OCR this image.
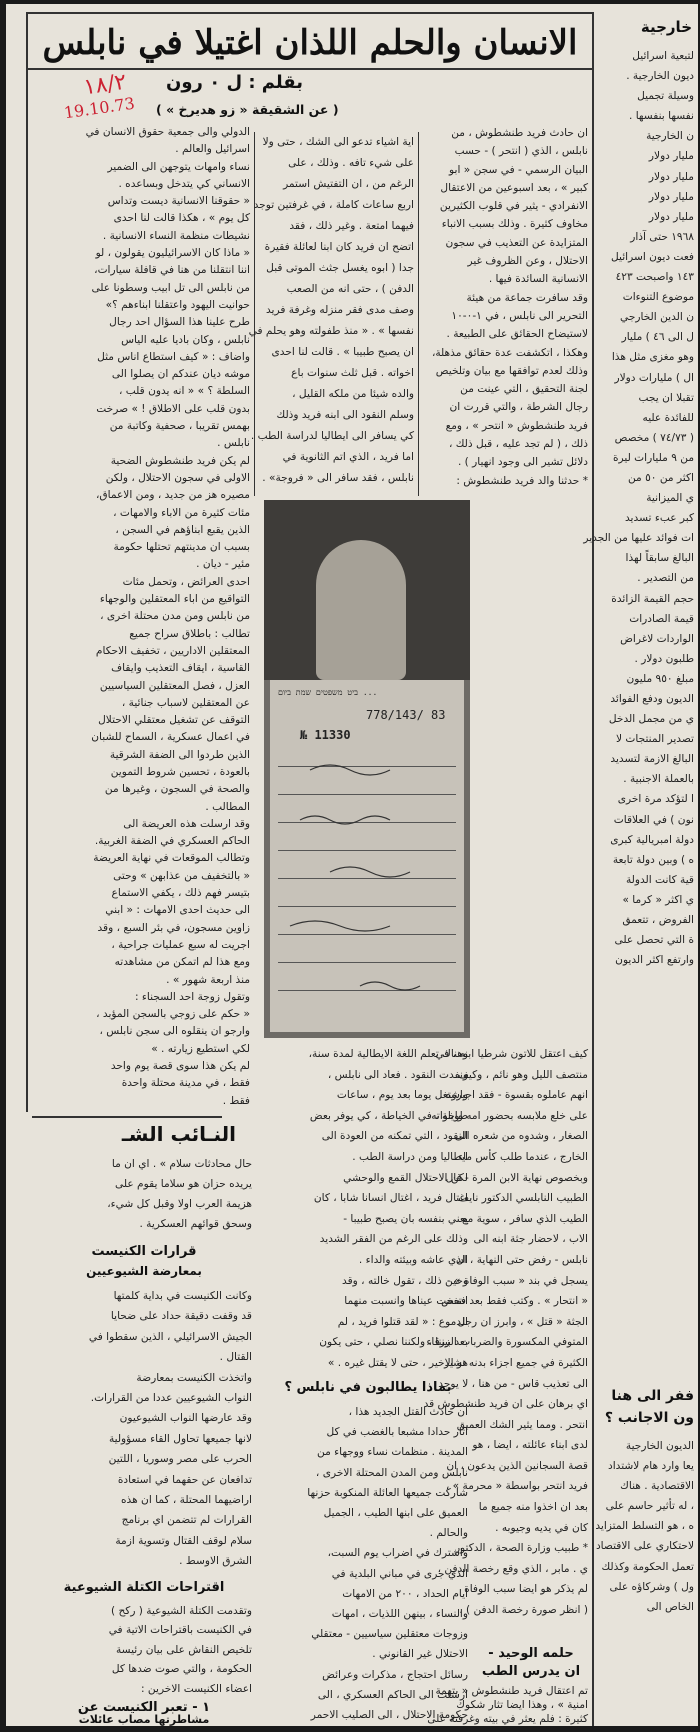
الانسان والحلم اللذان اغتيلا في نابلس
بقلم : ل ٠ رون
( عن الشقيقة « زو هديرخ » )
١٨/٢
19.10.73
خارجية
لتبعية اسرائيل
ديون الخارجية .
وسيلة تجميل
نفسها بنفسها .
ن الخارجية
مليار دولار
مليار دولار
مليار دولار
مليار دولار
١٩٦٨ حتى آذار
فعت ديون اسرائيل
١٤٣ واصبحت ٤٢٣
موضوع التنوءات
ن الدين الخارجي
ل الى ٤٦ ) مليار
وهو مغزى مثل هذا
ال ) مليارات دولار
تقبلا ان يجب
للفائدة عليه
( ٧٤/٧٣ ) مخصص
من ٩ مليارات ليرة
اكثر من ٥٠ من
ي الميزانية
كبر عبء تسديد
ات فوائد عليها من الجدير
البالغ سابقاً لهذا
من التصدير .
حجم القيمة الزائدة
قيمة الصادرات
الواردات لاغراض
طلبون دولار .
مبلغ ٩٥٠ مليون
الديون ودفع الفوائد
ي من مجمل الدخل
تصدير المنتجات لا
البالغ الازمة لتسديد
بالعملة الاجنبية .
ا لتؤكد مرة اخرى
نون ) في العلاقات
دولة امبريالية كبرى
ه ) وبين دولة تابعة
قية كانت الدولة
ي اكثر « كرما »
الفروض ، تتعمق
ة التي تحصل على
وارتفع اكثر الديون
ففر الى هنا
ون الاجانب ؟
الديون الخارجية
يعا وارد هام لاشتداد
الاقتصادية . هناك
، له تأثير حاسم على
ه ، هو التسلط المتزايد
لاحتكاري على الاقتصاد
تعمل الحكومة وكذلك
ول ) وشركاؤه على
الخاص الى
ان حادث فريد طنشطوش ، من
نابلس ، الذي ( انتحر ) - حسب
البيان الرسمي - في سجن « ابو
كبير » ، بعد اسبوعين من الاعتقال
الانفرادي - يثير في قلوب الكثيرين
مخاوف كثيرة . وذلك بسبب الانباء
المتزايدة عن التعذيب في سجون
الاحتلال ، وعن الظروف غير
الانسانية السائدة فيها .
وقد سافرت جماعة من هيئة
التحرير الى نابلس ، في ١-٠-١٠
لاستيضاح الحقائق على الطبيعة .
وهكذا ، اتكشفت عدة حقائق مذهلة،
وذلك لعدم توافقها مع بيان وتلخيص
لجنة التحقيق ، التي عينت من
رجال الشرطة ، والتي قررت ان
فريد طنشطوش « انتحر » ، ومع
ذلك ، ( لم تجد عليه ، قبل ذلك ،
دلائل تشير الى وجود انهيار ) .
* حدثنا والد فريد طنشطوش :
اية اشياء تدعو الى الشك ، حتى ولا
على شيء تافه . وذلك ، على
الرغم من ، ان التفتيش استمر
اربع ساعات كاملة ، في غرفتين توجد
فيهما امتعة . وغير ذلك ، فقد
اتضح ان فريد كان ابنا لعائلة فقيرة
جدا ( ابوه يغسل جثث الموتى قبل
الدفن ) ، حتى انه من الصعب
وصف مدى فقر منزله وغرفة فريد
نفسها » . « منذ طفولته وهو يحلم في
ان يصبح طبيبا » . قالت لنا احدى
اخواته . قبل ثلث سنوات باع
والده شيئا من ملكه القليل ،
وسلم النقود الى ابنه فريد وذلك
كي يسافر الى ايطاليا لدراسة الطب .
اما فريد ، الذي اتم الثانوية في
نابلس ، فقد سافر الى « فروجة» .
الدولي والى جمعية حقوق الانسان في
اسرائيل والعالم .
نساء وامهات يتوجهن الى الضمير
الانساني كي يتدخل وبساعده .
« حقوقنا الانسانية ديست وتداس
كل يوم » ، هكذا قالت لنا احدى
نشيطات منظمة النساء الانسانية .
« ماذا كان الاسرائيليون يقولون ، لو
اننا انتقلنا من هنا في قافلة سيارات،
من نابلس الى تل ابيب وسطونا على
حوانيت اليهود واعتقلنا ابناءهم ؟»
طرح علينا هذا السؤال احد رجال
نابلس ، وكان باديا عليه الياس
واضاف : « كيف استطاع اناس مثل
موشه ديان عندكم ان يصلوا الى
السلطة ؟ » « انه يدون قلب ،
بدون قلب على الاطلاق ! » صرخت
بهمس تقريبا ، صحفية وكاتبة من
نابلس .
لم يكن فريد طنشطوش الضحية
الاولى في سجون الاحتلال ، ولكن
مصيره هز من جديد ، ومن الاعماق،
مئات كثيرة من الاباء والامهات ،
الذين يقبع ابناؤهم في السجن ،
بسبب ان مدينتهم تحتلها حكومة
مئير - ديان .
احدى العرائض ، وتحمل مئات
التواقيع من اباء المعتقلين والوجهاء
من نابلس ومن مدن محتلة اخرى ،
تطالب : باطلاق سراح جميع
المعتقلين الاداريين ، تخفيف الاحكام
القاسية ، ايقاف التعذيب وايقاف
العزل ، فصل المعتقلين السياسيين
عن المعتقلين لاسباب جنائية ،
التوقف عن تشغيل معتقلي الاحتلال
في اعمال عسكرية ، السماح للشبان
الذين طردوا الى الضفة الشرقية
بالعودة ، تحسين شروط التموين
والصحة في السجون ، وغيرها من
المطالب .
وقد ارسلت هذه العريضة الى
الحاكم العسكري في الضفة الغربية.
وتطالب الموقعات في نهاية العريضة
« بالتخفيف من عذابهن » وحتى
بتيسر فهم ذلك ، يكفي الاستماع
الى حديث احدى الامهات : « ابني
زاوين مسجون، في بئر السبع ، وقد
اجريت له سبع عمليات جراحية ،
ومع هذا لم اتمكن من مشاهدته
منذ اربعة شهور » .
وتقول زوجة احد السجناء :
« حكم على زوجي بالسجن المؤبد ،
وارجو ان ينقلوه الى سجن نابلس ،
لكي استطيع زيارته . »
لم يكن هذا سوى قصة يوم واحد
فقط ، في مدينة محتلة واحدة
فقط .
ביט משפטים שמת ביום ...
778/143/ 83
№ 11330
كيف اعتقل للاتون شرطيا ابنه ، في
منتصف الليل وهو نائم ، وكيف
انهم عاملوه بقسوة - فقد اجبروه
على خلع ملابسه بحضور امه واخواته
الصغار ، وشدوه من شعره الى
الخارج ، عندما طلب كأس ماء .
وبخصوص نهاية الابن المرة - قال
الطبيب النابلسي الدكتور نايف
الطيب الذي سافر ، سوية مع
الاب ، لاحضار جثة ابنه الى
نابلس - رفض حتى النهاية ، ان
يسجل في بند « سبب الوفاة » -
« انتحار » . وكتب فقط بعد فحص
الجثة « قتل » ، وابرز ان رجل
المتوفي المكسورة والضربات الزرقاء
الكثيرة في جميع اجزاء بدنه تشير
الى تعذيب قاس - من هنا ، لا يوجد
اي برهان على ان فريد طنشطوش قد
انتحر . ومما يثير الشك العميق
لدى ابناء عائلته ، ايضا ، هو
قصة السجانين الذين يدعون ، ان
فريد انتحر بواسطة « محرمة » ،
بعد ان اخذوا منه جميع ما
كان في يديه وجيوبه .
* طبيب وزارة الصحة ، الدكتور
ي . مابر ، الذي وقع رخصة الدفن ،
لم يذكر هو ايضا سبب الوفاة
( انظر صورة رخصة الدفن ) .
حلمه الوحيد -
ان يدرس الطب
تم اعتقال فريد طنشطوش « بتهمة
امنية » ، وهذا ايضا تثار شكوك
كثيرة : فلم يعثر في بيته وغرفته على
وهناك تعلم اللغة الايطالية لمدة سنة،
ونفدت النقود . فعاد الى نابلس ،
واشتغل يوما بعد يوم ، ساعات
طويلة ، في الخياطة ، كي يوفر بعض
النقود ، التي تمكنه من العودة الى
ايطاليا ومن دراسة الطب .
لكن الاحتلال القمع والوحشي
اغتال فريد ، اغتال انسانا شابا ، كان
يعني بنفسه بان يصبح طبيبا -
وذلك على الرغم من الفقر الشديد
الذي عاشه وبيئته والداء .
وحين ذلك ، تقول خالته ، وقد
انتفخت عيناها وانسبت منهما
الدموع : « لقد قتلوا فريد ، لم
بعد بيننا ، ولكننا نصلي ، حتى يكون
هو الاخير ، حتى لا يقتل غيره . »
بماذا يطالبون في نابلس ؟
ان حادث القتل الجديد هذا ،
اثار حدادا مشبعا بالغضب في كل
المدينة . منظمات نساء ووجهاء من
نابلس ومن المدن المحتلة الاخرى ،
شاركت جميعها العائلة المنكوبة حزنها
العميق على ابنها الطيب ، الجميل
والحالم .
واشترك في اضراب يوم السبت،
الذي جرى في مباني البلدية في
ايام الحداد ، ٢٠٠ من الامهات
والنساء ، بينهن اللذيات ، امهات
وزوجات معتقلين سياسيين - معتقلي
الاحتلال غير القانوني .
رسائل احتجاج ، مذكرات وعرائض
ارسلت الى الحاكم العسكري ، الى
حكومة الاحتلال ، الى الصليب الاحمر
النـائب الشـ
حال محادثات سلام » . اي ان ما
يريده حزان هو سلاما يقوم على
هزيمة العرب اولا وقبل كل شيء،
وسحق قوائهم العسكرية .
قرارات الكنيست
بمعارضة الشيوعيين
وكانت الكنيست في بداية كلمتها
قد وقفت دقيقة حداد على ضحايا
الجيش الاسرائيلي ، الذين سقطوا في
القتال .
واتخذت الكنيست بمعارضة
النواب الشيوعيين عددا من القرارات.
وقد عارضها النواب الشيوعيون
لانها جميعها تحاول القاء مسؤولية
الحرب على مصر وسوريا ، اللتين
تدافعان عن حقهما في استعادة
اراضيهما المحتلة ، كما ان هذه
القرارات لم تتضمن اي برنامج
سلام لوقف القتال وتسوية ازمة
الشرق الاوسط .
اقتراحات الكتلة الشيوعية
وتقدمت الكتلة الشيوعية ( ركح )
في الكنيست باقتراحات الاتية في
تلخيص النقاش على بيان رئيسة
الحكومة ، والتي صوت ضدها كل
اعضاء الكنيست الاخرين :
١ - تعبر الكنيست عن
مشاطرتها مصاب عائلات
